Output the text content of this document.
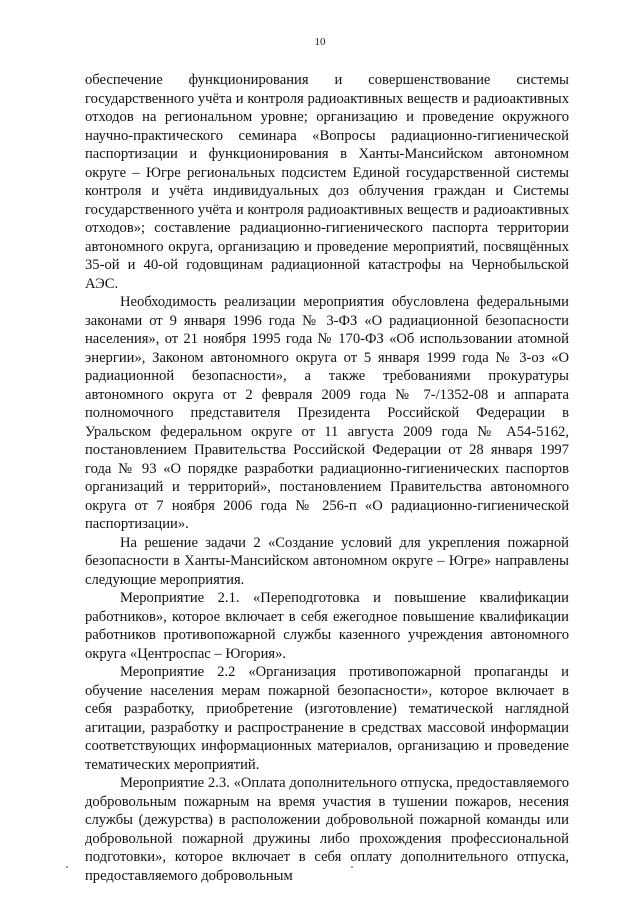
10

обеспечение функционирования и совершенствование системы государственного учёта и контроля радиоактивных веществ и радиоактивных отходов на региональном уровне; организацию и проведение окружного научно-практического семинара «Вопросы радиационно-гигиенической паспортизации и функционирования в Ханты-Мансийском автономном округе – Югре региональных подсистем Единой государственной системы контроля и учёта индивидуальных доз облучения граждан и Системы государственного учёта и контроля радиоактивных веществ и радиоактивных отходов»; составление радиационно-гигиенического паспорта территории автономного округа, организацию и проведение мероприятий, посвящённых 35-ой и 40-ой годовщинам радиационной катастрофы на Чернобыльской АЭС.

Необходимость реализации мероприятия обусловлена федеральными законами от 9 января 1996 года № 3-ФЗ «О радиационной безопасности населения», от 21 ноября 1995 года № 170-ФЗ «Об использовании атомной энергии», Законом автономного округа от 5 января 1999 года № 3-оз «О радиационной безопасности», а также требованиями прокуратуры автономного округа от 2 февраля 2009 года № 7-/1352-08 и аппарата полномочного представителя Президента Российской Федерации в Уральском федеральном округе от 11 августа 2009 года № А54-5162, постановлением Правительства Российской Федерации от 28 января 1997 года № 93 «О порядке разработки радиационно-гигиенических паспортов организаций и территорий», постановлением Правительства автономного округа от 7 ноября 2006 года № 256-п «О радиационно-гигиенической паспортизации».

На решение задачи 2 «Создание условий для укрепления пожарной безопасности в Ханты-Мансийском автономном округе – Югре» направлены следующие мероприятия.

Мероприятие 2.1. «Переподготовка и повышение квалификации работников», которое включает в себя ежегодное повышение квалификации работников противопожарной службы казенного учреждения автономного округа «Центроспас – Югория».

Мероприятие 2.2 «Организация противопожарной пропаганды и обучение населения мерам пожарной безопасности», которое включает в себя разработку, приобретение (изготовление) тематической наглядной агитации, разработку и распространение в средствах массовой информации соответствующих информационных материалов, организацию и проведение тематических мероприятий.

Мероприятие 2.3. «Оплата дополнительного отпуска, предоставляемого добровольным пожарным на время участия в тушении пожаров, несения службы (дежурства) в расположении добровольной пожарной команды или добровольной пожарной дружины либо прохождения профессиональной подготовки», которое включает в себя оплату дополнительного отпуска, предоставляемого добровольным
